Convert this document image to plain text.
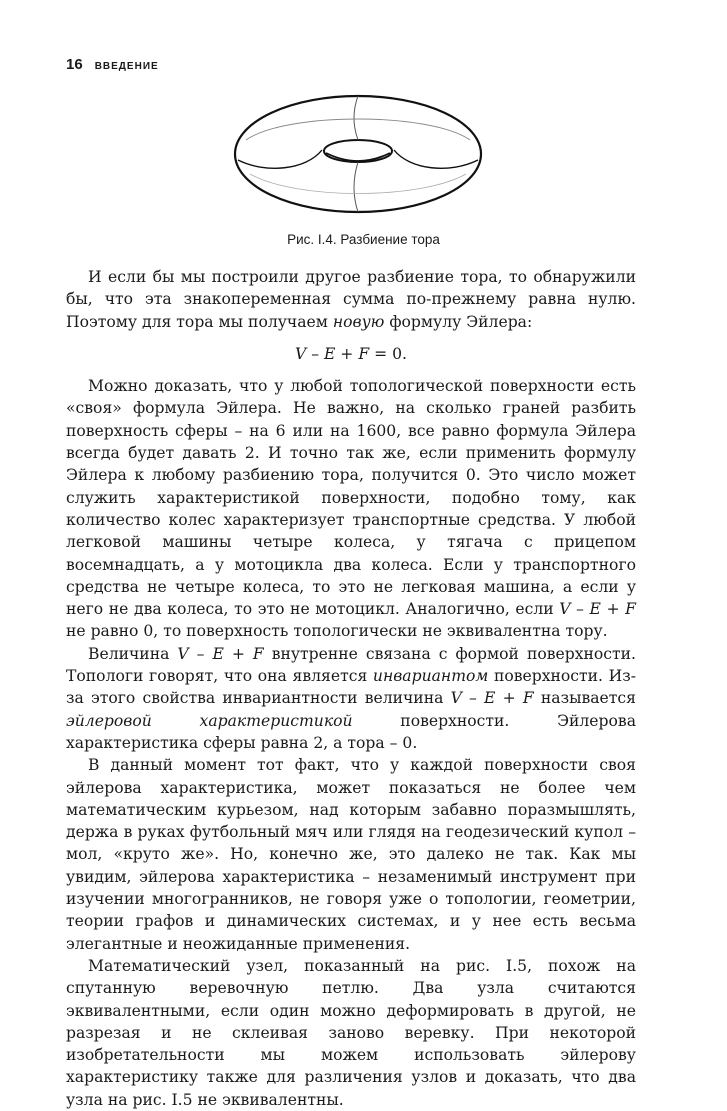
16 ВВЕДЕНИЕ
Рис. I.4. Разбиение тора

И если бы мы построили другое разбиение тора, то обнаружили бы, что эта знакопеременная сумма по-прежнему равна нулю. Поэтому для тора мы получаем новую формулу Эйлера:

V – E + F = 0.

Можно доказать, что у любой топологической поверхности есть «своя» формула Эйлера. Не важно, на сколько граней разбить поверхность сферы – на 6 или на 1600, все равно формула Эйлера всегда будет давать 2. И точно так же, если применить формулу Эйлера к любому разбиению тора, получится 0. Это число может служить характеристикой поверхности, подобно тому, как количество колес характеризует транспортные средства. У любой легковой машины четыре колеса, у тягача с прицепом восемнадцать, а у мотоцикла два колеса. Если у транспортного средства не четыре колеса, то это не легковая машина, а если у него не два колеса, то это не мотоцикл. Аналогично, если V – E + F не равно 0, то поверхность топологически не эквивалентна тору.

Величина V – E + F внутренне связана с формой поверхности. Топологи говорят, что она является инвариантом поверхности. Из-за этого свойства инвариантности величина V – E + F называется эйлеровой характеристикой поверхности. Эйлерова характеристика сферы равна 2, а тора – 0.

В данный момент тот факт, что у каждой поверхности своя эйлерова характеристика, может показаться не более чем математическим курьезом, над которым забавно поразмышлять, держа в руках футбольный мяч или глядя на геодезический купол – мол, «круто же». Но, конечно же, это далеко не так. Как мы увидим, эйлерова характеристика – незаменимый инструмент при изучении многогранников, не говоря уже о топологии, геометрии, теории графов и динамических системах, и у нее есть весьма элегантные и неожиданные применения.

Математический узел, показанный на рис. I.5, похож на спутанную веревочную петлю. Два узла считаются эквивалентными, если один можно деформировать в другой, не разрезая и не склеивая заново веревку. При некоторой изобретательности мы можем использовать эйлерову характеристику также для различения узлов и доказать, что два узла на рис. I.5 не эквивалентны.
